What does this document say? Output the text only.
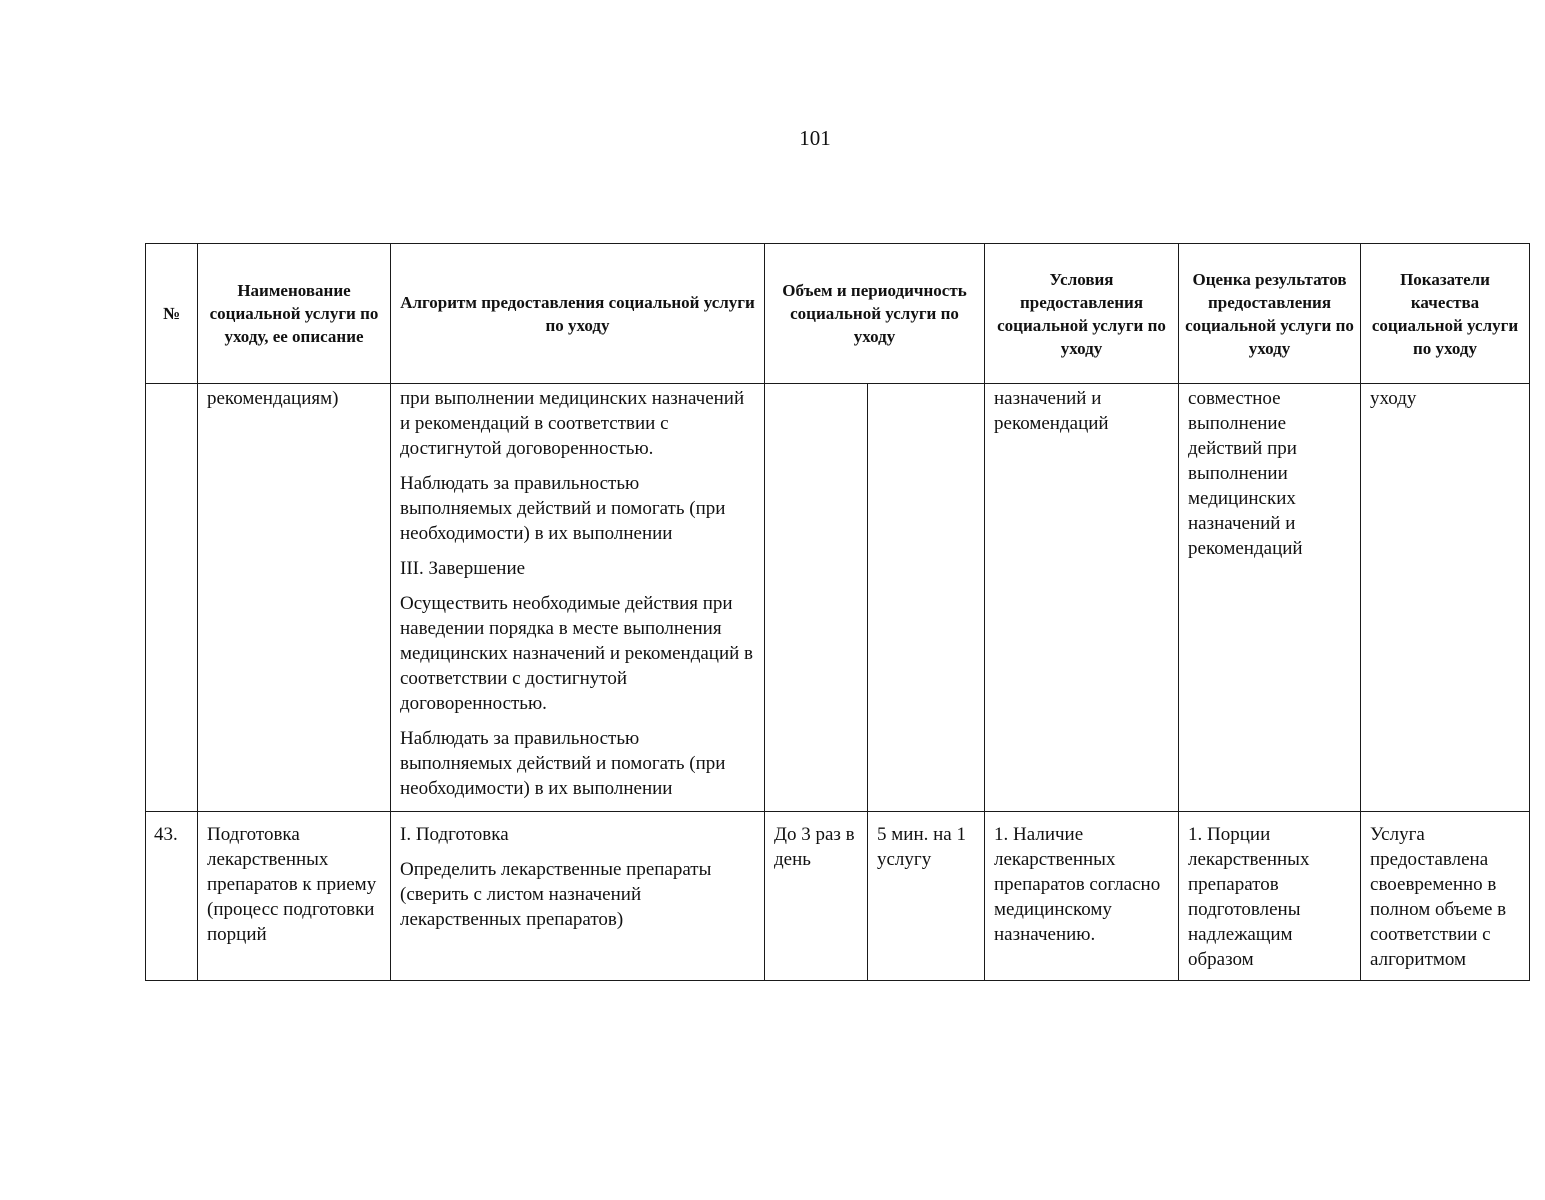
101
№	Наименование социальной услуги по уходу, ее описание	Алгоритм предоставления социальной услуги по уходу	Объем и периодичность социальной услуги по уходу		Условия предоставления социальной услуги по уходу	Оценка результатов предоставления социальной услуги по уходу	Показатели качества социальной услуги по уходу
	рекомендациям)	при выполнении медицинских назначений и рекомендаций в соответствии с достигнутой договоренностью.
Наблюдать за правильностью выполняемых действий и помогать (при необходимости) в их выполнении
III. Завершение
Осуществить необходимые действия при наведении порядка в месте выполнения медицинских назначений и рекомендаций в соответствии с достигнутой договоренностью.
Наблюдать за правильностью выполняемых действий и помогать (при необходимости) в их выполнении			назначений и рекомендаций	совместное выполнение действий при выполнении медицинских назначений и рекомендаций	уходу
43.	Подготовка лекарственных препаратов к приему (процесс подготовки порций	I. Подготовка
Определить лекарственные препараты (сверить с листом назначений лекарственных препаратов)	До 3 раз в день	5 мин. на 1 услугу	1. Наличие лекарственных препаратов согласно медицинскому назначению.	1. Порции лекарственных препаратов подготовлены надлежащим образом	Услуга предоставлена своевременно в полном объеме в соответствии с алгоритмом
